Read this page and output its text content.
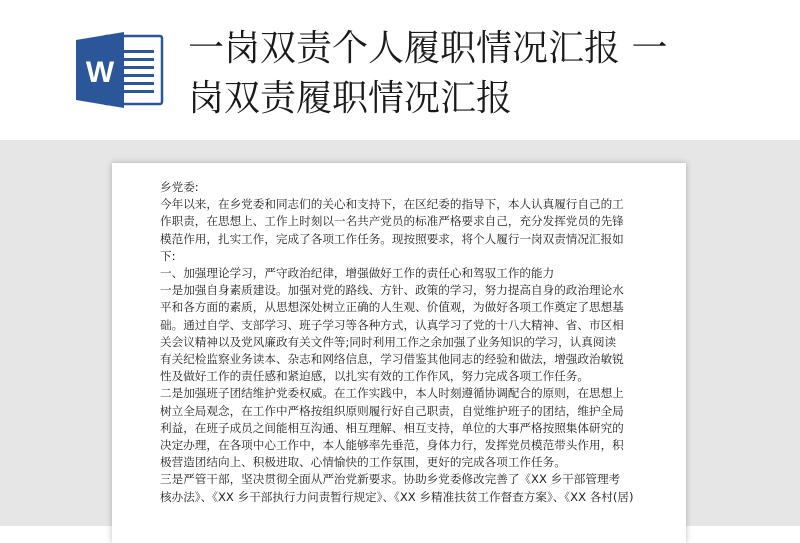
W
一岗双责个人履职情况汇报 一
岗双责履职情况汇报
乡党委:
今年以来，在乡党委和同志们的关心和支持下，在区纪委的指导下，本人认真履行自己的工
作职责，在思想上、工作上时刻以一名共产党员的标准严格要求自己，充分发挥党员的先锋
模范作用，扎实工作，完成了各项工作任务。现按照要求，将个人履行一岗双责情况汇报如
下:
一、加强理论学习，严守政治纪律，增强做好工作的责任心和驾驭工作的能力
一是加强自身素质建设。加强对党的路线、方针、政策的学习，努力提高自身的政治理论水
平和各方面的素质，从思想深处树立正确的人生观、价值观，为做好各项工作奠定了思想基
础。通过自学、支部学习、班子学习等各种方式，认真学习了党的十八大精神、省、市区相
关会议精神以及党风廉政有关文件等;同时利用工作之余加强了业务知识的学习，认真阅读
有关纪检监察业务读本、杂志和网络信息，学习借鉴其他同志的经验和做法，增强政治敏锐
性及做好工作的责任感和紧迫感，以扎实有效的工作作风，努力完成各项工作任务。
二是加强班子团结维护党委权威。在工作实践中，本人时刻遵循协调配合的原则，在思想上
树立全局观念，在工作中严格按组织原则履行好自己职责，自觉维护班子的团结，维护全局
利益，在班子成员之间能相互沟通、相互理解、相互支持，单位的大事严格按照集体研究的
决定办理，在各项中心工作中，本人能够率先垂范，身体力行，发挥党员模范带头作用，积
极营造团结向上、积极进取、心情愉快的工作氛围，更好的完成各项工作任务。
三是严管干部，坚决贯彻全面从严治党新要求。协助乡党委修改完善了《XX 乡干部管理考
核办法》、《XX 乡干部执行力问责暂行规定》、《XX 乡精准扶贫工作督查方案》、《XX 各村(居)
